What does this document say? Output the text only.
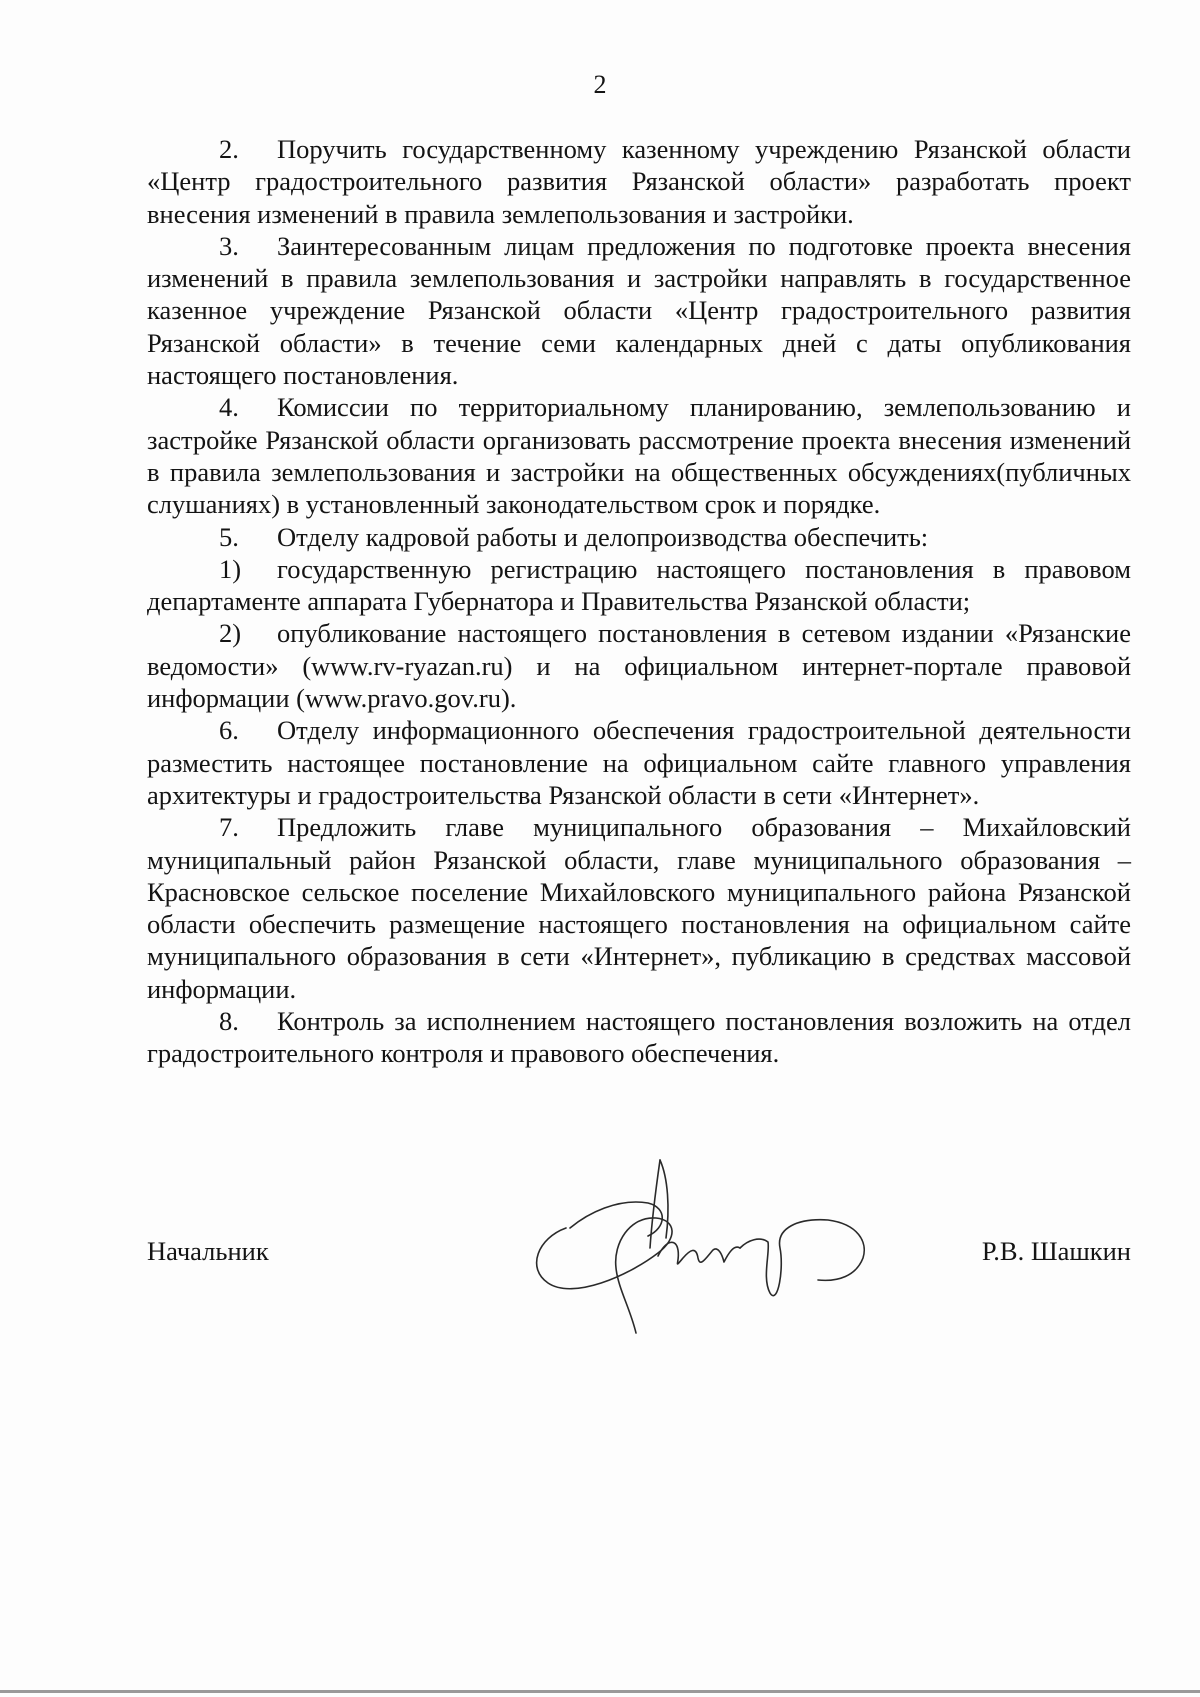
2

2. Поручить государственному казенному учреждению Рязанской области «Центр градостроительного развития Рязанской области» разработать проект внесения изменений в правила землепользования и застройки.

3. Заинтересованным лицам предложения по подготовке проекта внесения изменений в правила землепользования и застройки направлять в государственное казенное учреждение Рязанской области «Центр градостроительного развития Рязанской области» в течение семи календарных дней с даты опубликования настоящего постановления.

4. Комиссии по территориальному планированию, землепользованию и застройке Рязанской области организовать рассмотрение проекта внесения изменений в правила землепользования и застройки на общественных обсуждениях(публичных слушаниях) в установленный законодательством срок и порядке.

5. Отделу кадровой работы и делопроизводства обеспечить:

1) государственную регистрацию настоящего постановления в правовом департаменте аппарата Губернатора и Правительства Рязанской области;

2) опубликование настоящего постановления в сетевом издании «Рязанские ведомости» (www.rv-ryazan.ru) и на официальном интернет-портале правовой информации (www.pravo.gov.ru).

6. Отделу информационного обеспечения градостроительной деятельности разместить настоящее постановление на официальном сайте главного управления архитектуры и градостроительства Рязанской области в сети «Интернет».

7. Предложить главе муниципального образования – Михайловский муниципальный район Рязанской области, главе муниципального образования – Красновское сельское поселение Михайловского муниципального района Рязанской области обеспечить размещение настоящего постановления на официальном сайте муниципального образования в сети «Интернет», публикацию в средствах массовой информации.

8. Контроль за исполнением настоящего постановления возложить на отдел градостроительного контроля и правового обеспечения.

Начальник	Р.В. Шашкин
